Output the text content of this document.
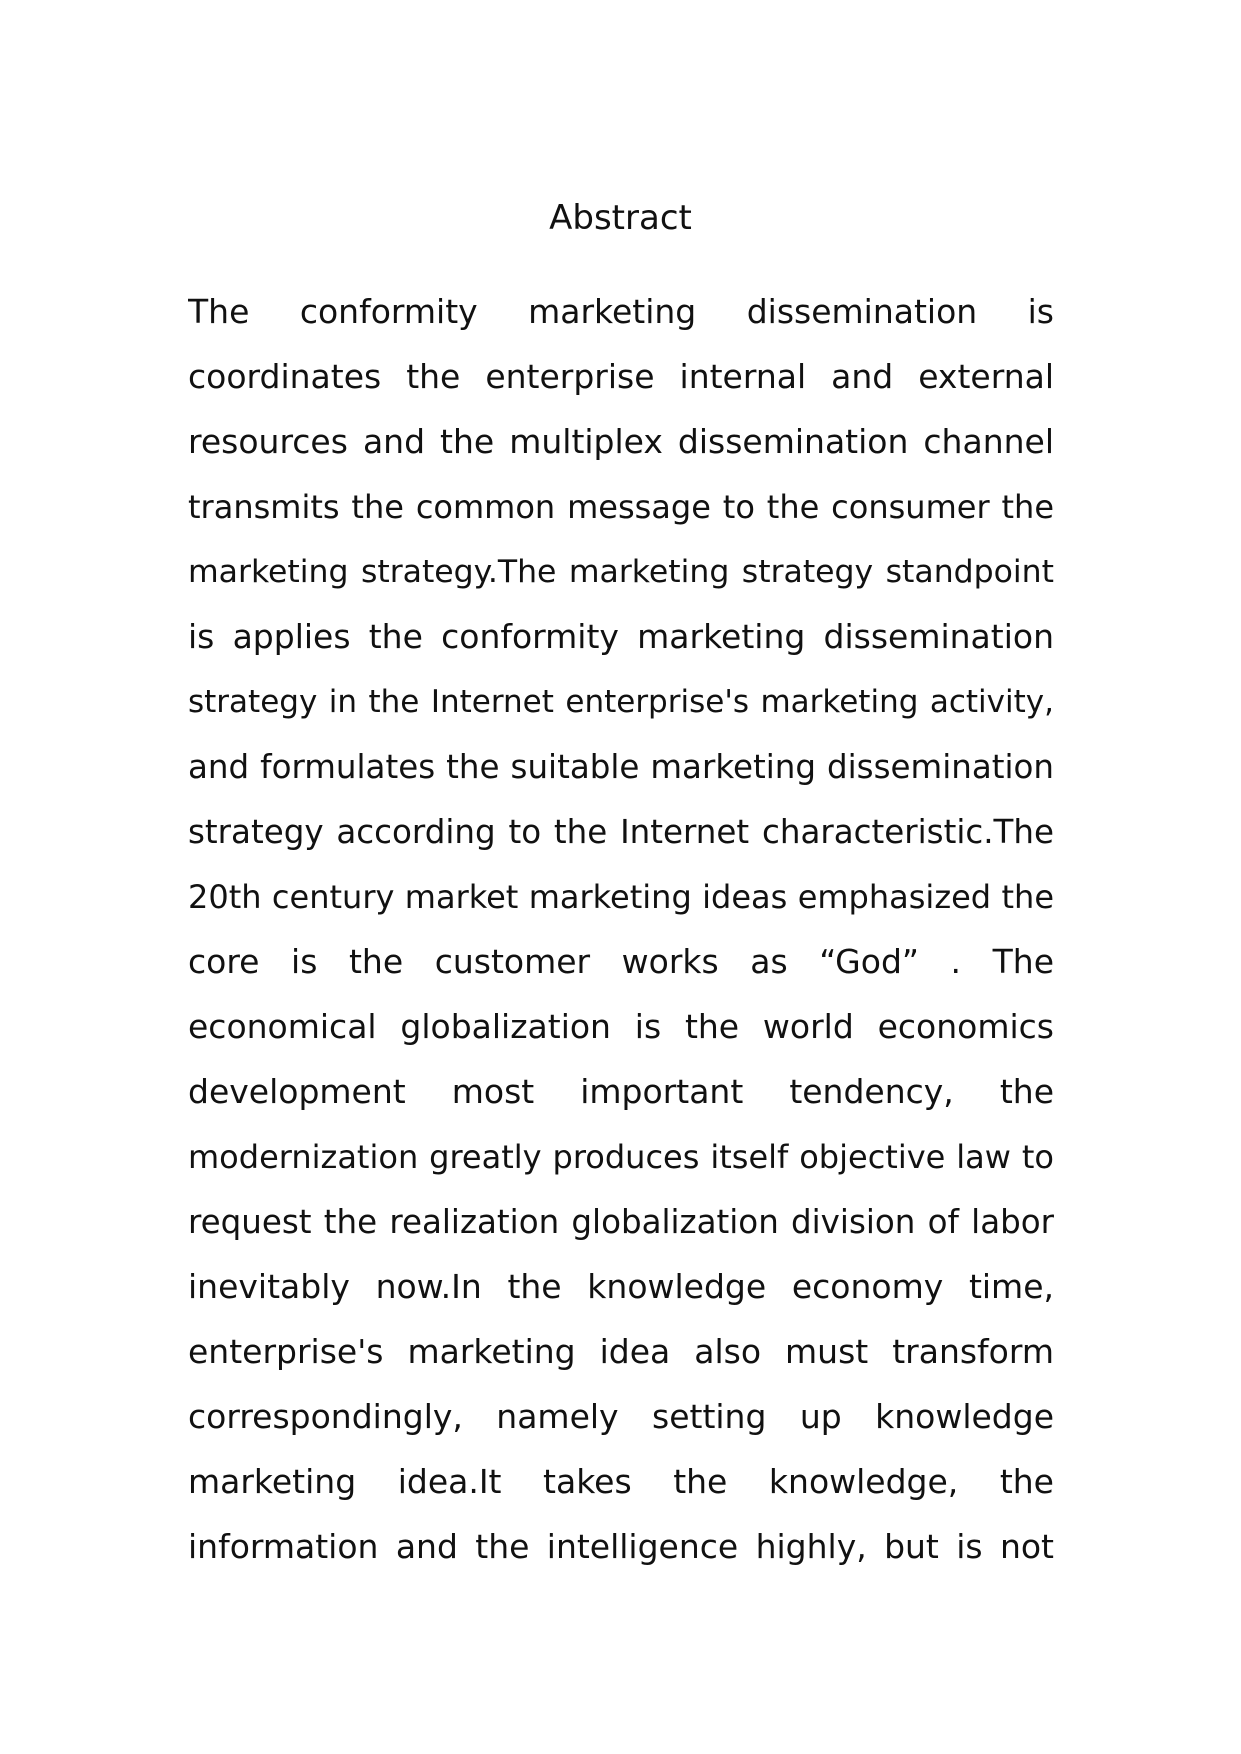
Abstract
The conformity marketing dissemination is
coordinates the enterprise internal and external
resources and the multiplex dissemination channel
transmits the common message to the consumer the
marketing strategy.The marketing strategy standpoint
is applies the conformity marketing dissemination
strategy in the Internet enterprise's marketing activity,
and formulates the suitable marketing dissemination
strategy according to the Internet characteristic.The
20th century market marketing ideas emphasized the
core is the customer works as “God” . The
economical globalization is the world economics
development most important tendency, the
modernization greatly produces itself objective law to
request the realization globalization division of labor
inevitably now.In the knowledge economy time,
enterprise's marketing idea also must transform
correspondingly, namely setting up knowledge
marketing idea.It takes the knowledge, the
information and the intelligence highly, but is not
